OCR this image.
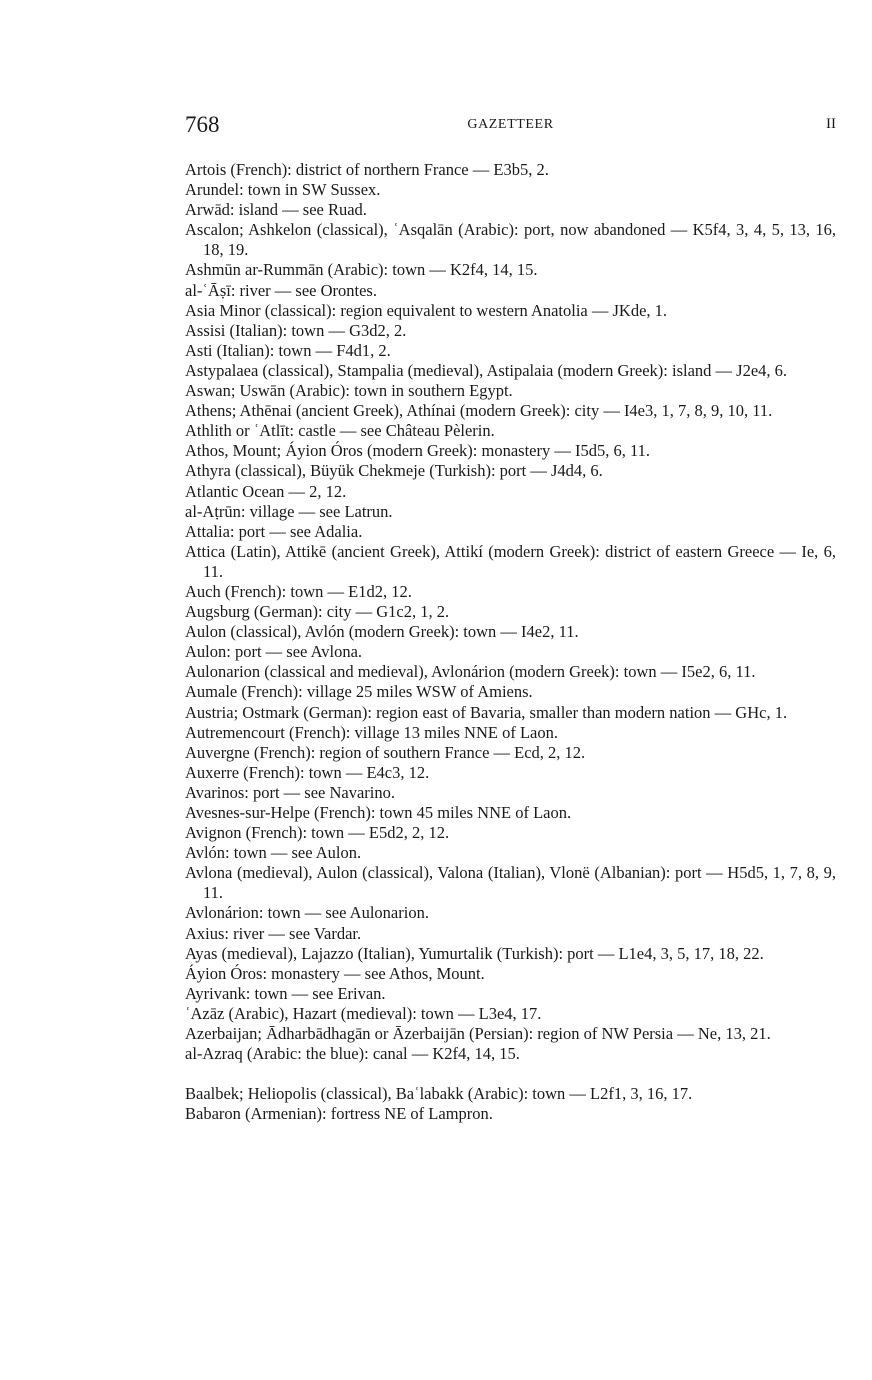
768	GAZETTEER	II
Artois (French): district of northern France — E3b5, 2.
Arundel: town in SW Sussex.
Arwād: island — see Ruad.
Ascalon; Ashkelon (classical), ʿAsqalān (Arabic): port, now abandoned — K5f4, 3, 4, 5, 13, 16, 18, 19.
Ashmūn ar-Rummān (Arabic): town — K2f4, 14, 15.
al-ʿĀṣī: river — see Orontes.
Asia Minor (classical): region equivalent to western Anatolia — JKde, 1.
Assisi (Italian): town — G3d2, 2.
Asti (Italian): town — F4d1, 2.
Astypalaea (classical), Stampalia (medieval), Astipalaia (modern Greek): island — J2e4, 6.
Aswan; Uswān (Arabic): town in southern Egypt.
Athens; Athēnai (ancient Greek), Athínai (modern Greek): city — I4e3, 1, 7, 8, 9, 10, 11.
Athlith or ʿAtlīt: castle — see Château Pèlerin.
Athos, Mount; Áyion Óros (modern Greek): monastery — I5d5, 6, 11.
Athyra (classical), Büyük Chekmeje (Turkish): port — J4d4, 6.
Atlantic Ocean — 2, 12.
al-Aṭrūn: village — see Latrun.
Attalia: port — see Adalia.
Attica (Latin), Attikē (ancient Greek), Attikí (modern Greek): district of eastern Greece — Ie, 6, 11.
Auch (French): town — E1d2, 12.
Augsburg (German): city — G1c2, 1, 2.
Aulon (classical), Avlón (modern Greek): town — I4e2, 11.
Aulon: port — see Avlona.
Aulonarion (classical and medieval), Avlonárion (modern Greek): town — I5e2, 6, 11.
Aumale (French): village 25 miles WSW of Amiens.
Austria; Ostmark (German): region east of Bavaria, smaller than modern nation — GHc, 1.
Autremencourt (French): village 13 miles NNE of Laon.
Auvergne (French): region of southern France — Ecd, 2, 12.
Auxerre (French): town — E4c3, 12.
Avarinos: port — see Navarino.
Avesnes-sur-Helpe (French): town 45 miles NNE of Laon.
Avignon (French): town — E5d2, 2, 12.
Avlón: town — see Aulon.
Avlona (medieval), Aulon (classical), Valona (Italian), Vlonë (Albanian): port — H5d5, 1, 7, 8, 9, 11.
Avlonárion: town — see Aulonarion.
Axius: river — see Vardar.
Ayas (medieval), Lajazzo (Italian), Yumurtalik (Turkish): port — L1e4, 3, 5, 17, 18, 22.
Áyion Óros: monastery — see Athos, Mount.
Ayrivank: town — see Erivan.
ʿAzāz (Arabic), Hazart (medieval): town — L3e4, 17.
Azerbaijan; Ādharbādhagān or Āzerbaijān (Persian): region of NW Persia — Ne, 13, 21.
al-Azraq (Arabic: the blue): canal — K2f4, 14, 15.
Baalbek; Heliopolis (classical), Baʿlabakk (Arabic): town — L2f1, 3, 16, 17.
Babaron (Armenian): fortress NE of Lampron.
